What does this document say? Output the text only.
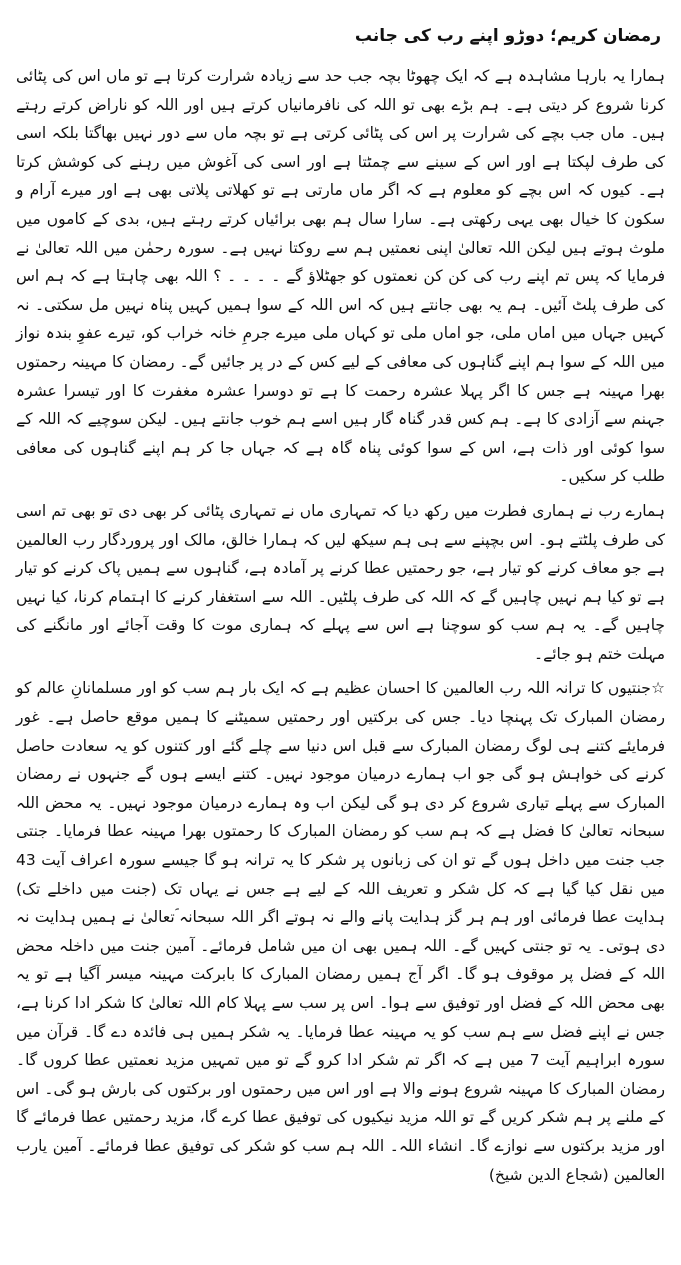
رمضان کریم؛ دوڑو اپنے رب کی جانب

ہمارا یہ بارہا مشاہدہ ہے کہ ایک چھوٹا بچہ جب حد سے زیادہ شرارت کرتا ہے تو ماں اس کی پٹائی کرنا شروع کر دیتی ہے۔ ہم بڑے بھی تو اللہ کی نافرمانیاں کرتے ہیں اور اللہ کو ناراض کرتے رہتے ہیں۔ ماں جب بچے کی شرارت پر اس کی پٹائی کرتی ہے تو بچہ ماں سے دور نہیں بھاگتا بلکہ اسی کی طرف لپکتا ہے اور اس کے سینے سے چمٹتا ہے اور اسی کی آغوش میں رہنے کی کوشش کرتا ہے۔ کیوں کہ اس بچے کو معلوم ہے کہ اگر ماں مارتی ہے تو کھلاتی پلاتی بھی ہے اور میرے آرام و سکون کا خیال بھی یہی رکھتی ہے۔ سارا سال ہم بھی برائیاں کرتے رہتے ہیں، بدی کے کاموں میں ملوث ہوتے ہیں لیکن اللہ تعالیٰ اپنی نعمتیں ہم سے روکتا نہیں ہے۔ سورہ رحمٰن میں اللہ تعالیٰ نے فرمایا کہ پس تم اپنے رب کی کن کن نعمتوں کو جھٹلاؤ گے ۔ ۔ ۔ ۔ ؟ اللہ بھی چاہتا ہے کہ ہم اس کی طرف پلٹ آئیں۔ ہم یہ بھی جانتے ہیں کہ اس اللہ کے سوا ہمیں کہیں پناہ نہیں مل سکتی۔ نہ کہیں جہاں میں اماں ملی، جو اماں ملی تو کہاں ملی میرے جرمِ خانہ خراب کو، تیرے عفوِ بندہ نواز میں اللہ کے سوا ہم اپنے گناہوں کی معافی کے لیے کس کے در پر جائیں گے۔ رمضان کا مہینہ رحمتوں بھرا مہینہ ہے جس کا اگر پہلا عشرہ رحمت کا ہے تو دوسرا عشرہ مغفرت کا اور تیسرا عشرہ جہنم سے آزادی کا ہے۔ ہم کس قدر گناہ گار ہیں اسے ہم خوب جانتے ہیں۔ لیکن سوچیے کہ اللہ کے سوا کوئی اور ذات ہے، اس کے سوا کوئی پناہ گاہ ہے کہ جہاں جا کر ہم اپنے گناہوں کی معافی طلب کر سکیں۔

ہمارے رب نے ہماری فطرت میں رکھ دیا کہ تمہاری ماں نے تمہاری پٹائی کر بھی دی تو بھی تم اسی کی طرف پلٹتے ہو۔ اس بچپنے سے ہی ہم سیکھ لیں کہ ہمارا خالق، مالک اور پروردگار رب العالمین ہے جو معاف کرنے کو تیار ہے، جو رحمتیں عطا کرنے پر آمادہ ہے، گناہوں سے ہمیں پاک کرنے کو تیار ہے تو کیا ہم نہیں چاہیں گے کہ اللہ کی طرف پلٹیں۔ اللہ سے استغفار کرنے کا اہتمام کرنا، کیا نہیں چاہیں گے۔ یہ ہم سب کو سوچنا ہے اس سے پہلے کہ ہماری موت کا وقت آجائے اور مانگنے کی مہلت ختم ہو جائے۔

☆جنتیوں کا ترانہ اللہ رب العالمین کا احسان عظیم ہے کہ ایک بار ہم سب کو اور مسلمانانِ عالم کو رمضان المبارک تک پہنچا دیا۔ جس کی برکتیں اور رحمتیں سمیٹنے کا ہمیں موقع حاصل ہے۔ غور فرمایئے کتنے ہی لوگ رمضان المبارک سے قبل اس دنیا سے چلے گئے اور کتنوں کو یہ سعادت حاصل کرنے کی خواہش ہو گی جو اب ہمارے درمیان موجود نہیں۔ کتنے ایسے ہوں گے جنہوں نے رمضان المبارک سے پہلے تیاری شروع کر دی ہو گی لیکن اب وہ ہمارے درمیان موجود نہیں۔ یہ محض اللہ سبحانہ تعالیٰ کا فضل ہے کہ ہم سب کو رمضان المبارک کا رحمتوں بھرا مہینہ عطا فرمایا۔ جنتی جب جنت میں داخل ہوں گے تو ان کی زبانوں پر شکر کا یہ ترانہ ہو گا جیسے سورہ اعراف آیت 43 میں نقل کیا گیا ہے کہ کل شکر و تعریف اللہ کے لیے ہے جس نے یہاں تک (جنت میں داخلے تک) ہدایت عطا فرمائی اور ہم ہر گز ہدایت پانے والے نہ ہوتے اگر اللہ سبحانہ ؐتعالیٰ نے ہمیں ہدایت نہ دی ہوتی۔ یہ تو جنتی کہیں گے۔ اللہ ہمیں بھی ان میں شامل فرمائے۔ آمین جنت میں داخلہ محض اللہ کے فضل پر موقوف ہو گا۔ اگر آج ہمیں رمضان المبارک کا بابرکت مہینہ میسر آگیا ہے تو یہ بھی محض اللہ کے فضل اور توفیق سے ہوا۔ اس پر سب سے پہلا کام اللہ تعالیٰ کا شکر ادا کرنا ہے، جس نے اپنے فضل سے ہم سب کو یہ مہینہ عطا فرمایا۔ یہ شکر ہمیں ہی فائدہ دے گا۔ قرآن میں سورہ ابراہیم آیت 7 میں ہے کہ اگر تم شکر ادا کرو گے تو میں تمہیں مزید نعمتیں عطا کروں گا۔ رمضان المبارک کا مہینہ شروع ہونے والا ہے اور اس میں رحمتوں اور برکتوں کی بارش ہو گی۔ اس کے ملنے پر ہم شکر کریں گے تو اللہ مزید نیکیوں کی توفیق عطا کرے گا، مزید رحمتیں عطا فرمائے گا اور مزید برکتوں سے نوازے گا۔ انشاء اللہ۔ اللہ ہم سب کو شکر کی توفیق عطا فرمائے۔ آمین یارب العالمین (شجاع الدین شیخ)
